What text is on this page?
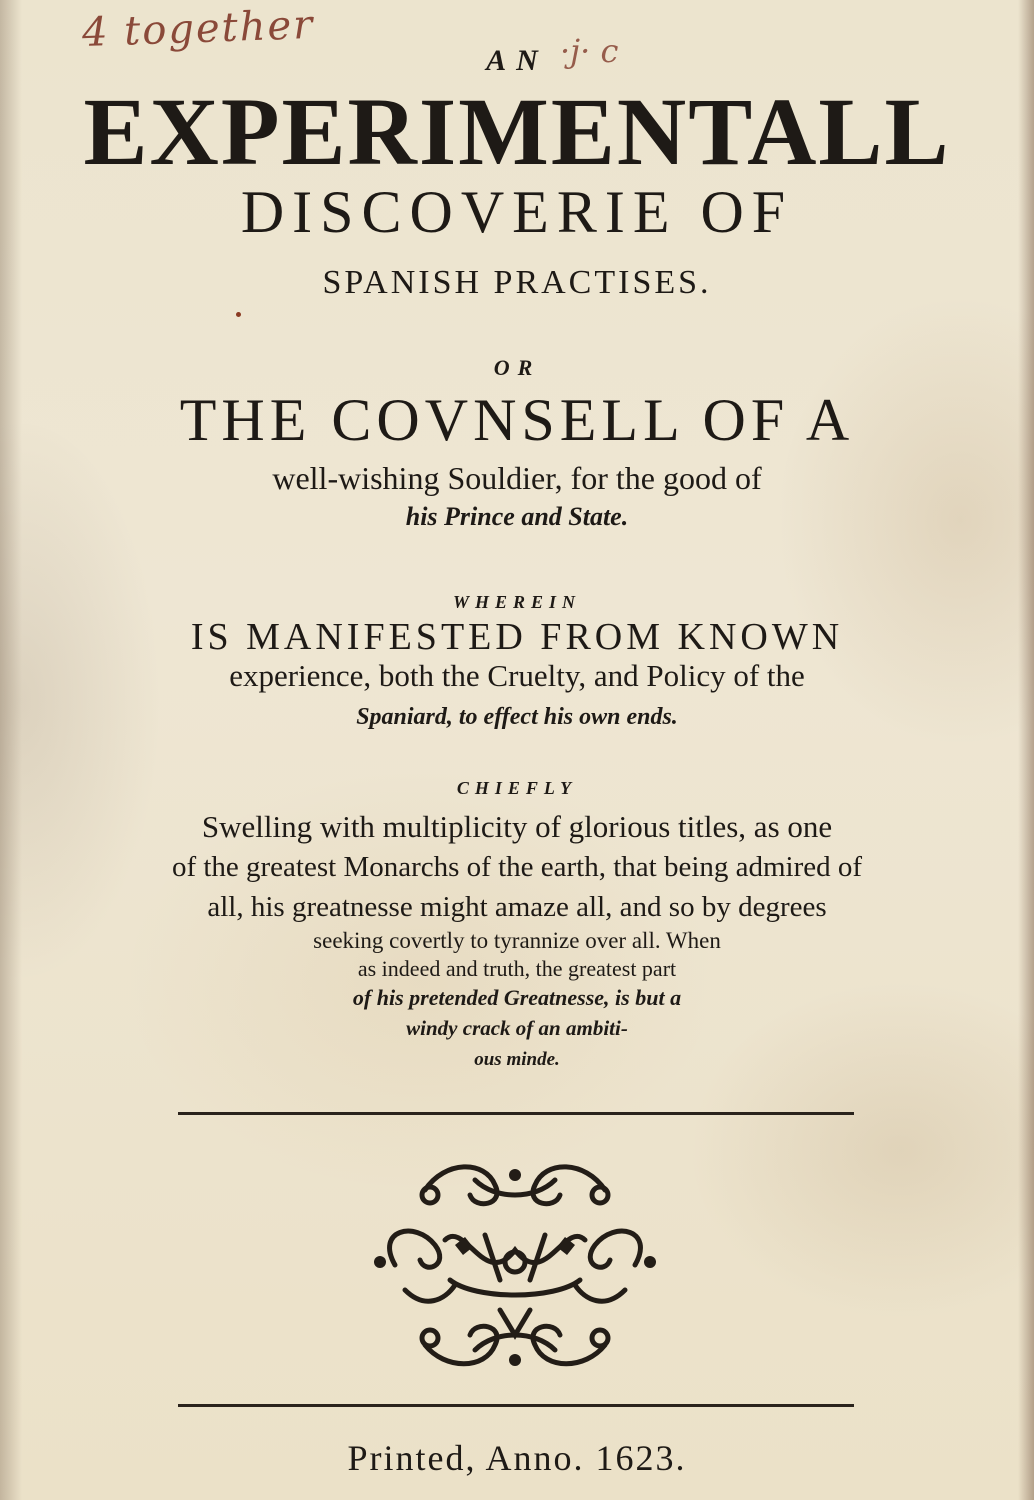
4 together	·j· c
AN
EXPERIMENTALL
DISCOVERIE OF
SPANISH PRACTISES.
OR
THE COVNSELL OF A
well-wishing Souldier, for the good of
his Prince and State.
WHEREIN
IS MANIFESTED FROM KNOWN
experience, both the Cruelty, and Policy of the
Spaniard, to effect his own ends.
CHIEFLY
Swelling with multiplicity of glorious titles, as one
of the greatest Monarchs of the earth, that being admired of
all, his greatnesse might amaze all, and so by degrees
seeking covertly to tyrannize over all. When
as indeed and truth, the greatest part
of his pretended Greatnesse, is but a
windy crack of an ambiti-
ous minde.
Printed, Anno. 1623.
